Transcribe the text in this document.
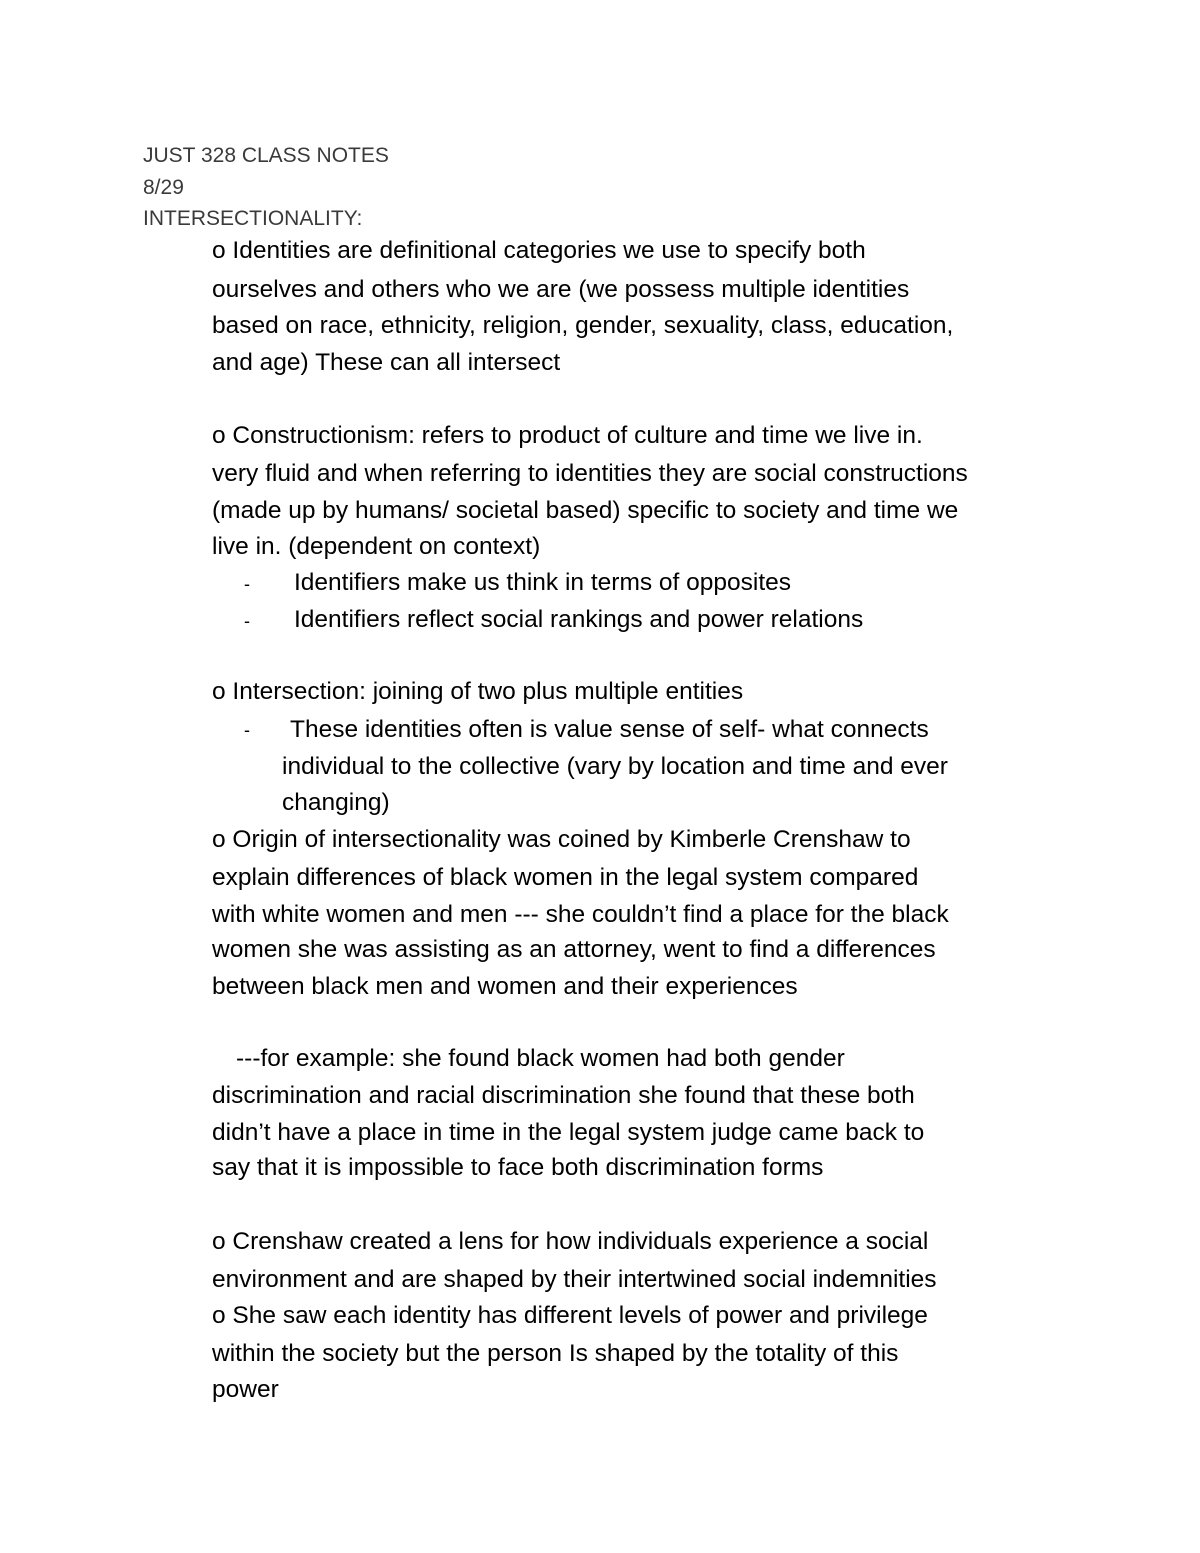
JUST 328 CLASS NOTES
8/29
INTERSECTIONALITY:
o Identities are definitional categories we use to specify both
ourselves and others who we are (we possess multiple identities
based on race, ethnicity, religion, gender, sexuality, class, education,
and age) These can all intersect
o Constructionism: refers to product of culture and time we live in.
very fluid and when referring to identities they are social constructions
(made up by humans/ societal based) specific to society and time we
live in. (dependent on context)
- Identifiers make us think in terms of opposites
- Identifiers reflect social rankings and power relations
o Intersection: joining of two plus multiple entities
- These identities often is value sense of self- what connects
individual to the collective (vary by location and time and ever
changing)
o Origin of intersectionality was coined by Kimberle Crenshaw to
explain differences of black women in the legal system compared
with white women and men --- she couldn’t find a place for the black
women she was assisting as an attorney, went to find a differences
between black men and women and their experiences
---for example: she found black women had both gender
discrimination and racial discrimination she found that these both
didn’t have a place in time in the legal system judge came back to
say that it is impossible to face both discrimination forms
o Crenshaw created a lens for how individuals experience a social
environment and are shaped by their intertwined social indemnities
o She saw each identity has different levels of power and privilege
within the society but the person Is shaped by the totality of this
power
